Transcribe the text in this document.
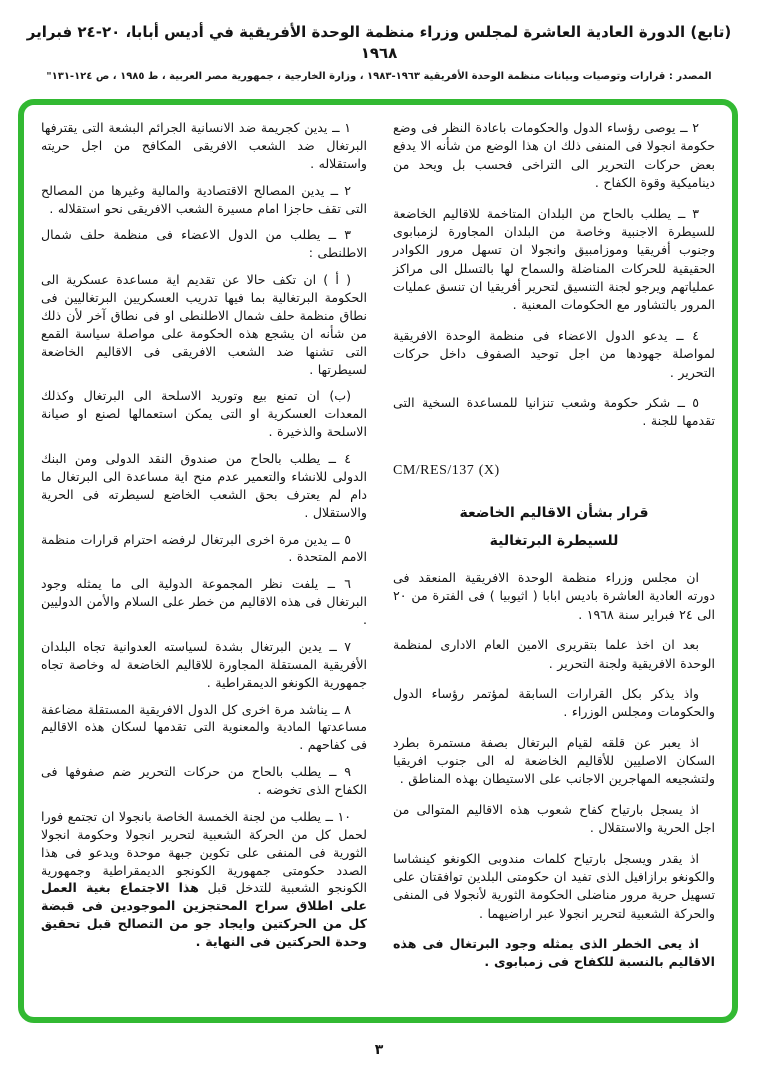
(تابع) الدورة العادية العاشرة لمجلس وزراء منظمة الوحدة الأفريقية في أديس أبابا، ٢٠-٢٤ فبراير ١٩٦٨
المصدر : قرارات وتوصيات وبيانات منظمة الوحدة الأفريقية ١٩٦٣-١٩٨٣ ، وزارة الخارجية ، جمهورية مصر العربية ، ط ١٩٨٥ ، ص ١٢٤-١٣١"

٢ ــ يوصى رؤساء الدول والحكومات باعادة النظر فى وضع حكومة انجولا فى المنفى ذلك ان هذا الوضع من شأنه الا يدفع بعض حركات التحرير الى التراخى فحسب بل ويحد من ديناميكية وقوة الكفاح .

٣ ــ يطلب بالحاح من البلدان المتاخمة للاقاليم الخاضعة للسيطرة الاجنبية وخاصة من البلدان المجاورة لزمبابوى وجنوب أفريقيا وموزامبيق وانجولا ان تسهل مرور الكوادر الحقيقية للحركات المناضلة والسماح لها بالتسلل الى مراكز عملياتهم ويرجو لجنة التنسيق لتحرير أفريقيا ان تنسق عمليات المرور بالتشاور مع الحكومات المعنية .

٤ ــ يدعو الدول الاعضاء فى منظمة الوحدة الافريقية لمواصلة جهودها من اجل توحيد الصفوف داخل حركات التحرير .

٥ ــ شكر حكومة وشعب تنزانيا للمساعدة السخية التى تقدمها للجنة .

CM/RES/137 (X)

قرار بشأن الاقاليم الخاضعة

للسيطرة البرتغالية

ان مجلس وزراء منظمة الوحدة الافريقية المنعقد فى دورته العادية العاشرة باديس ابابا ( اثيوبيا ) فى الفترة من ٢٠ الى ٢٤ فبراير سنة ١٩٦٨ .

بعد ان اخذ علما بتقريرى الامين العام الادارى لمنظمة الوحدة الافريقية ولجنة التحرير .

واذ يذكر بكل القرارات السابقة لمؤتمر رؤساء الدول والحكومات ومجلس الوزراء .

اذ يعبر عن قلقه لقيام البرتغال بصفة مستمرة بطرد السكان الاصليين للأقاليم الخاضعة له الى جنوب افريقيا ولتشجيعه المهاجرين الاجانب على الاستيطان بهذه المناطق .

اذ يسجل بارتياح كفاح شعوب هذه الاقاليم المتوالى من اجل الحرية والاستقلال .

اذ يقدر ويسجل بارتياح كلمات مندوبى الكونغو كينشاسا والكونغو برازافيل الذى تفيد ان حكومتى البلدين توافقتان على تسهيل حرية مرور مناضلى الحكومة الثورية لأنجولا فى المنفى والحركة الشعبية لتحرير انجولا عبر اراضيهما .

اذ يعى الخطر الذى يمثله وجود البرتغال فى هذه الاقاليم بالنسبة للكفاح فى زمبابوى .

١ ــ يدين كجريمة ضد الانسانية الجرائم البشعة التى يقترفها البرتغال ضد الشعب الافريقى المكافح من اجل حريته واستقلاله .

٢ ــ يدين المصالح الاقتصادية والمالية وغيرها من المصالح التى تقف حاجزا امام مسيرة الشعب الافريقى نحو استقلاله .

٣ ــ يطلب من الدول الاعضاء فى منظمة حلف شمال الاطلنطى :

( أ ) ان تكف حالا عن تقديم اية مساعدة عسكرية الى الحكومة البرتغالية بما فيها تدريب العسكريين البرتغاليين فى نطاق منظمة حلف شمال الاطلنطى او فى نطاق آخر لأن ذلك من شأنه ان يشجع هذه الحكومة على مواصلة سياسة القمع التى تشنها ضد الشعب الافريقى فى الاقاليم الخاضعة لسيطرتها .

(ب) ان تمنع بيع وتوريد الاسلحة الى البرتغال وكذلك المعدات العسكرية او التى يمكن استعمالها لصنع او صيانة الاسلحة والذخيرة .

٤ ــ يطلب بالحاح من صندوق النقد الدولى ومن البنك الدولى للانشاء والتعمير عدم منح اية مساعدة الى البرتغال ما دام لم يعترف بحق الشعب الخاضع لسيطرته فى الحرية والاستقلال .

٥ ــ يدين مرة اخرى البرتغال لرفضه احترام قرارات منظمة الامم المتحدة .

٦ ــ يلفت نظر المجموعة الدولية الى ما يمثله وجود البرتغال فى هذه الاقاليم من خطر على السلام والأمن الدوليين .

٧ ــ يدين البرتغال بشدة لسياسته العدوانية تجاه البلدان الأفريقية المستقلة المجاورة للاقاليم الخاضعة له وخاصة تجاه جمهورية الكونغو الديمقراطية .

٨ ــ يناشد مرة اخرى كل الدول الافريقية المستقلة مضاعفة مساعدتها المادية والمعنوية التى تقدمها لسكان هذه الاقاليم فى كفاحهم .

٩ ــ يطلب بالحاح من حركات التحرير ضم صفوفها فى الكفاح الذى تخوضه .

١٠ ــ يطلب من لجنة الخمسة الخاصة بانجولا ان تجتمع فورا لحمل كل من الحركة الشعبية لتحرير انجولا وحكومة انجولا الثورية فى المنفى على تكوين جبهة موحدة ويدعو فى هذا الصدد حكومتى جمهورية الكونجو الديمقراطية وجمهورية الكونجو الشعبية للتدخل قبل هذا الاجتماع بغية العمل على اطلاق سراح المحتجزين الموجودين فى قبضة كل من الحركتين وايجاد جو من التصالح قبل تحقيق وحدة الحركتين فى النهاية .

٣
